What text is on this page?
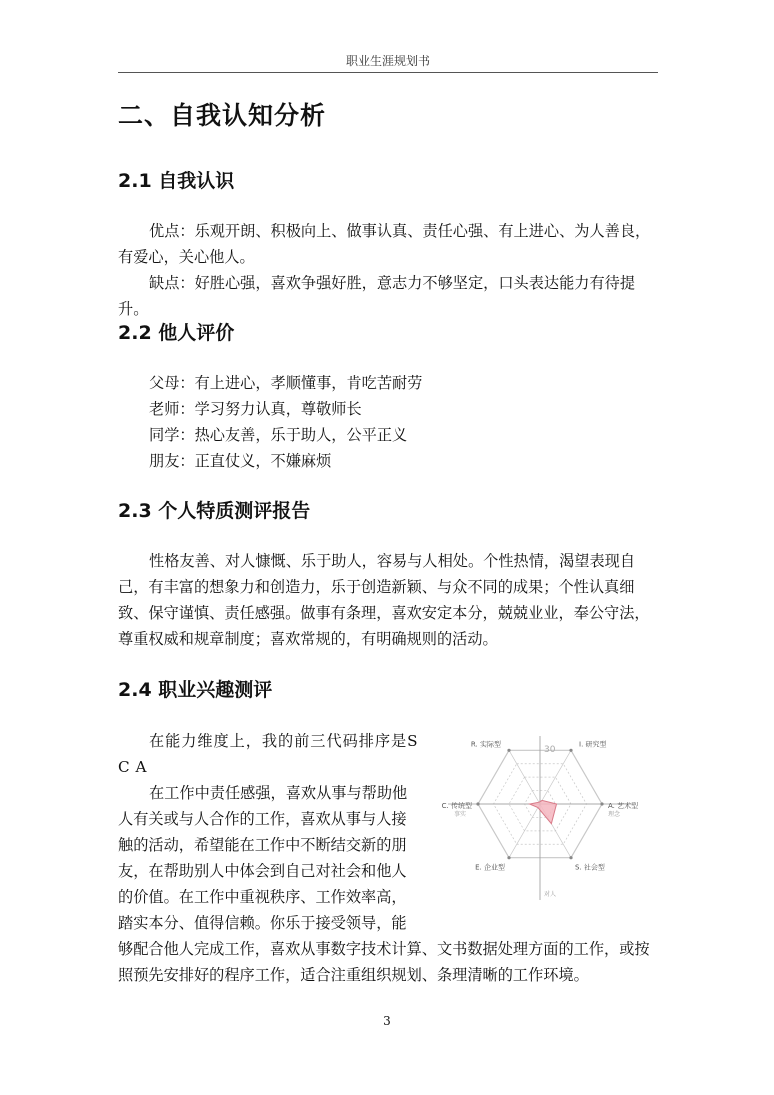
职业生涯规划书
二、自我认知分析
2.1 自我认识
优点：乐观开朗、积极向上、做事认真、责任心强、有上进心、为人善良，有爱心，关心他人。
缺点：好胜心强，喜欢争强好胜，意志力不够坚定，口头表达能力有待提升。
2.2 他人评价
父母：有上进心，孝顺懂事，肯吃苦耐劳
老师：学习努力认真，尊敬师长
同学：热心友善，乐于助人，公平正义
朋友：正直仗义，不嫌麻烦
2.3 个人特质测评报告
性格友善、对人慷慨、乐于助人，容易与人相处。个性热情，渴望表现自己，有丰富的想象力和创造力，乐于创造新颖、与众不同的成果；个性认真细致、保守谨慎、责任感强。做事有条理，喜欢安定本分，兢兢业业，奉公守法，尊重权威和规章制度；喜欢常规的，有明确规则的活动。
2.4 职业兴趣测评

在能力维度上，我的前三代码排序是S

C A

在工作中责任感强，喜欢从事与帮助他人有关或与人合作的工作，喜欢从事与人接触的活动，希望能在工作中不断结交新的朋友，在帮助别人中体会到自己对社会和他人的价值。在工作中重视秩序、工作效率高，踏实本分、值得信赖。你乐于接受领导，能

够配合他人完成工作，喜欢从事数字技术计算、文书数据处理方面的工作，或按照预先安排好的程序工作，适合注重组织规划、条理清晰的工作环境。
R. 实际型	I. 研究型
A. 艺术型
S. 社会型
E. 企业型
C. 传统型
30
事实	理念
对人
3
